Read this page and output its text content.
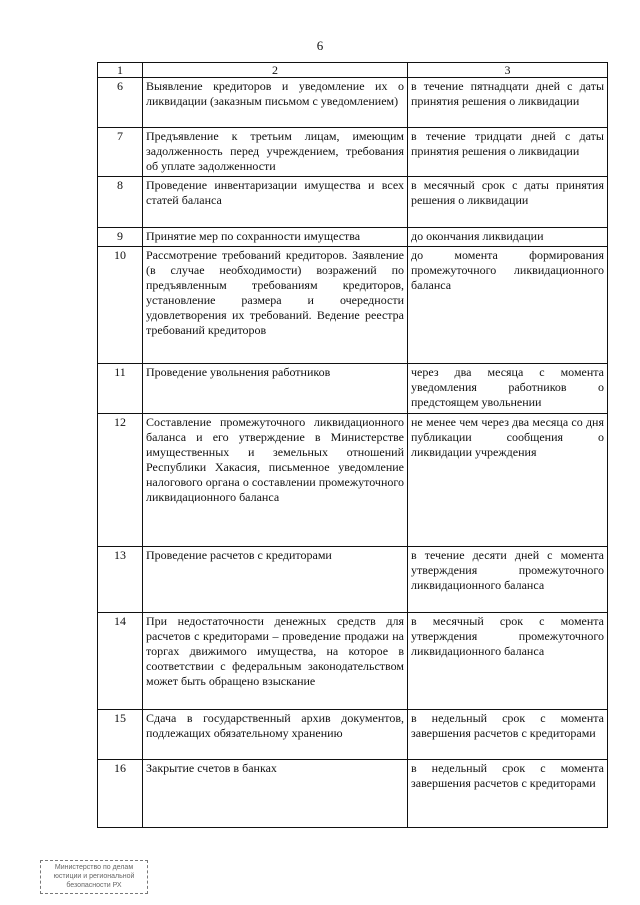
6
1	2	3
6	Выявление кредиторов и уведомление их о ликвидации (заказным письмом с уведомлением)	в течение пятнадцати дней с даты принятия решения о ликвидации
7	Предъявление к третьим лицам, имеющим задолженность перед учреждением, требования об уплате задолженности	в течение тридцати дней с даты принятия решения о ликвидации
8	Проведение инвентаризации имущества и всех статей баланса	в месячный срок с даты принятия решения о ликвидации
9	Принятие мер по сохранности имущества	до окончания ликвидации
10	Рассмотрение требований кредиторов. Заявление (в случае необходимости) возражений по предъявленным требованиям кредиторов, установление размера и очередности удовлетворения их требований. Ведение реестра требований кредиторов	до момента формирования промежуточного ликвидационного баланса
11	Проведение увольнения работников	через два месяца с момента уведомления работников о предстоящем увольнении
12	Составление промежуточного ликвидационного баланса и его утверждение в Министерстве имущественных и земельных отношений Республики Хакасия, письменное уведомление налогового органа о составлении промежуточного ликвидационного баланса	не менее чем через два месяца со дня публикации сообщения о ликвидации учреждения
13	Проведение расчетов с кредиторами	в течение десяти дней с момента утверждения промежуточного ликвидационного баланса
14	При недостаточности денежных средств для расчетов с кредиторами – проведение продажи на торгах движимого имущества, на которое в соответствии с федеральным законодательством может быть обращено взыскание	в месячный срок с момента утверждения промежуточного ликвидационного баланса
15	Сдача в государственный архив документов, подлежащих обязательному хранению	в недельный срок с момента завершения расчетов с кредиторами
16	Закрытие счетов в банках	в недельный срок с момента завершения расчетов с кредиторами
Министерство по делам
юстиции и региональной
безопасности РХ
